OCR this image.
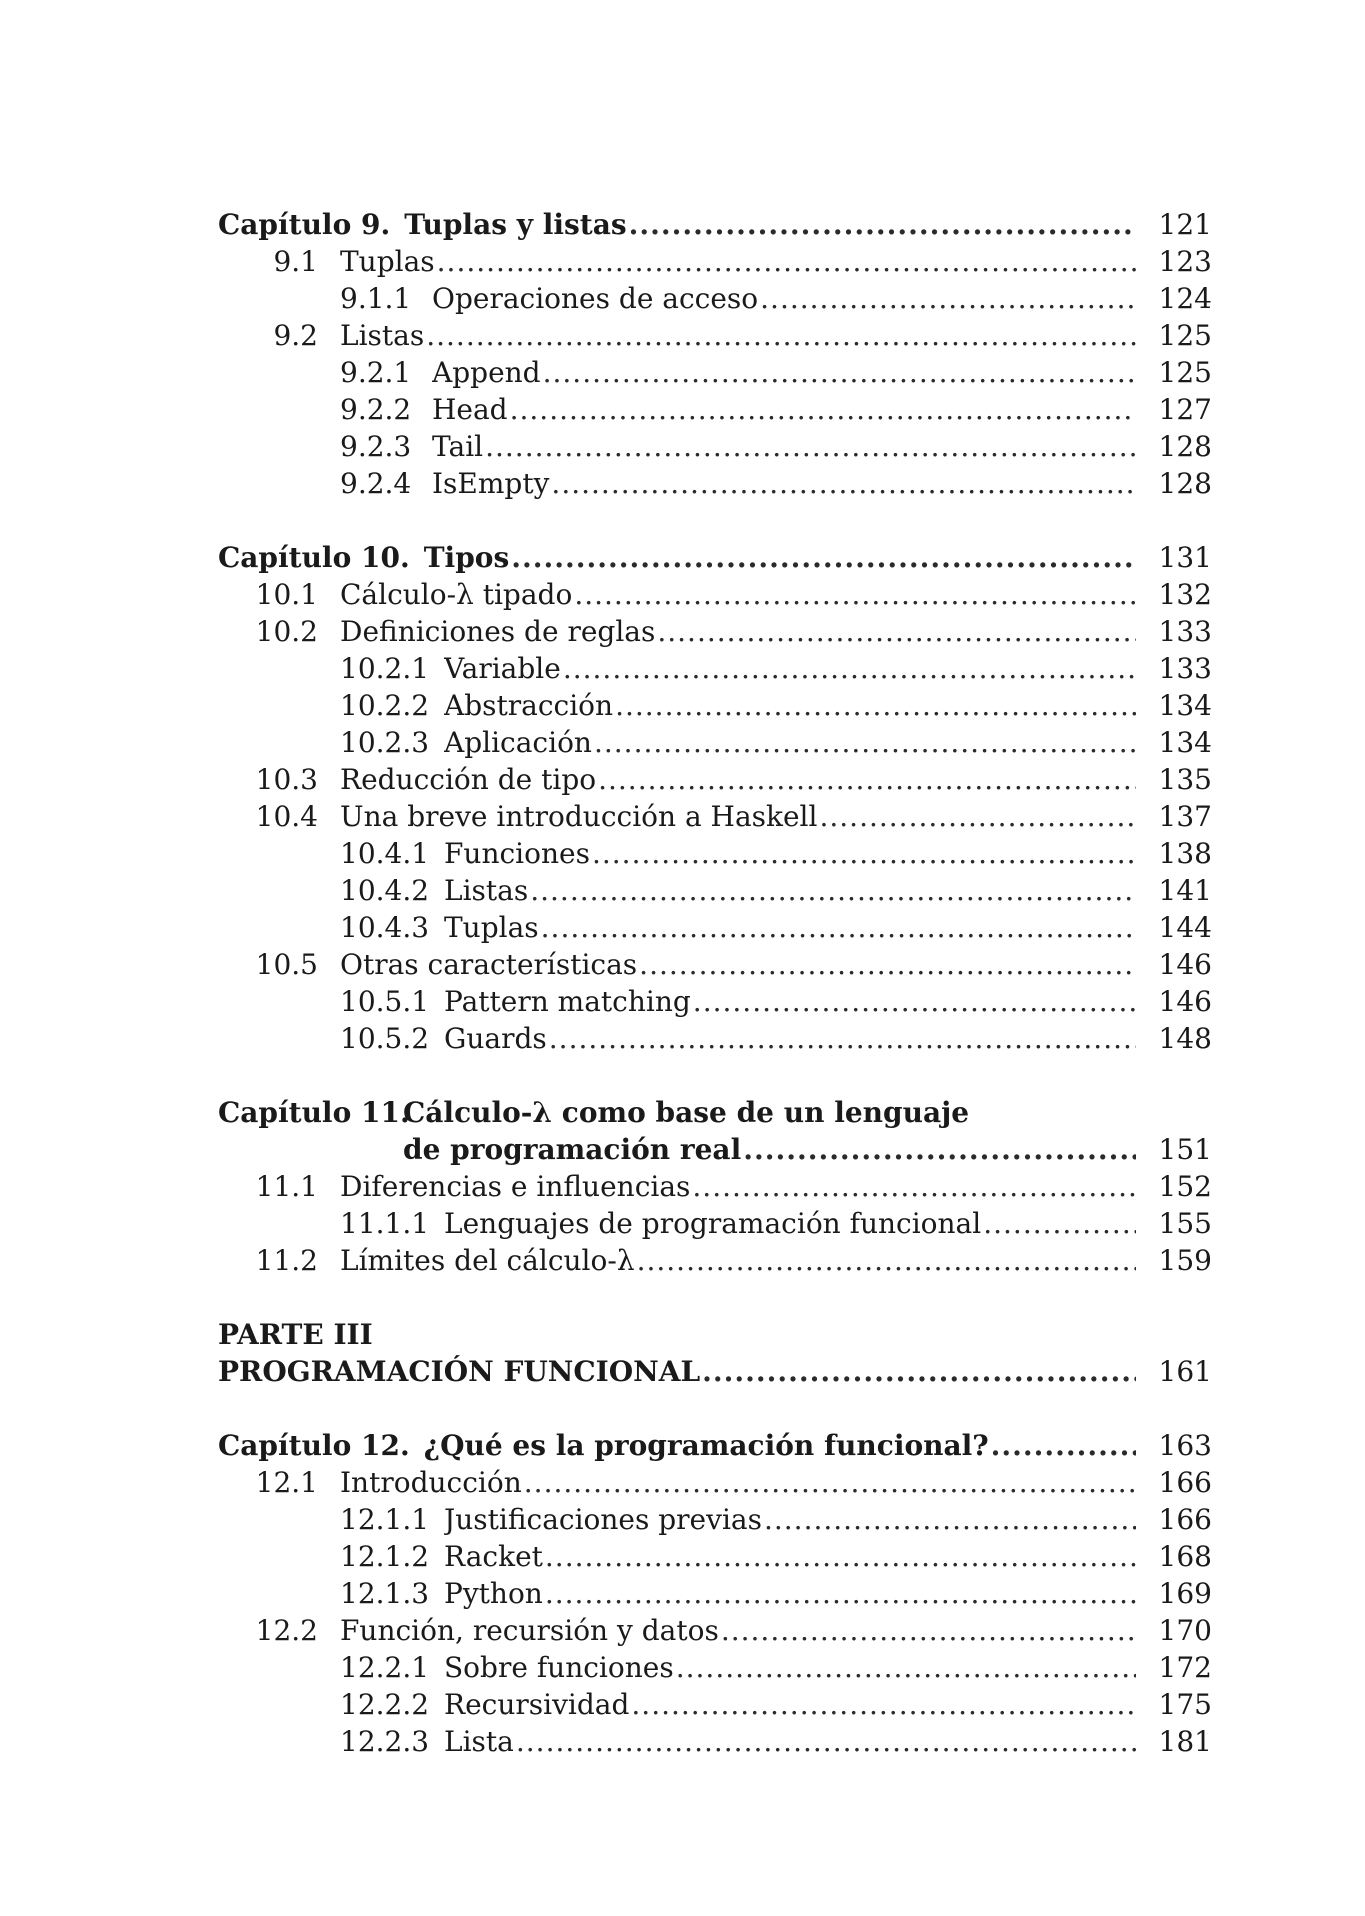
Capítulo 9. Tuplas y listas .....	121
9.1 Tuplas .....	123
9.1.1 Operaciones de acceso .....	124
9.2 Listas .....	125
9.2.1 Append .....	125
9.2.2 Head .....	127
9.2.3 Tail .....	128
9.2.4 IsEmpty .....	128
Capítulo 10. Tipos .....	131
10.1 Cálculo-λ tipado .....	132
10.2 Definiciones de reglas .....	133
10.2.1 Variable .....	133
10.2.2 Abstracción .....	134
10.2.3 Aplicación .....	134
10.3 Reducción de tipo .....	135
10.4 Una breve introducción a Haskell .....	137
10.4.1 Funciones .....	138
10.4.2 Listas .....	141
10.4.3 Tuplas .....	144
10.5 Otras características .....	146
10.5.1 Pattern matching .....	146
10.5.2 Guards .....	148
Capítulo 11.
Cálculo-λ como base de un lenguaje
de programación real .....	151
11.1 Diferencias e influencias .....	152
11.1.1 Lenguajes de programación funcional .....	155
11.2 Límites del cálculo-λ .....	159
PARTE III
PROGRAMACIÓN FUNCIONAL .....	161
Capítulo 12. ¿Qué es la programación funcional? .....	163
12.1 Introducción .....	166
12.1.1 Justificaciones previas .....	166
12.1.2 Racket .....	168
12.1.3 Python .....	169
12.2 Función, recursión y datos .....	170
12.2.1 Sobre funciones .....	172
12.2.2 Recursividad .....	175
12.2.3 Lista .....	181
